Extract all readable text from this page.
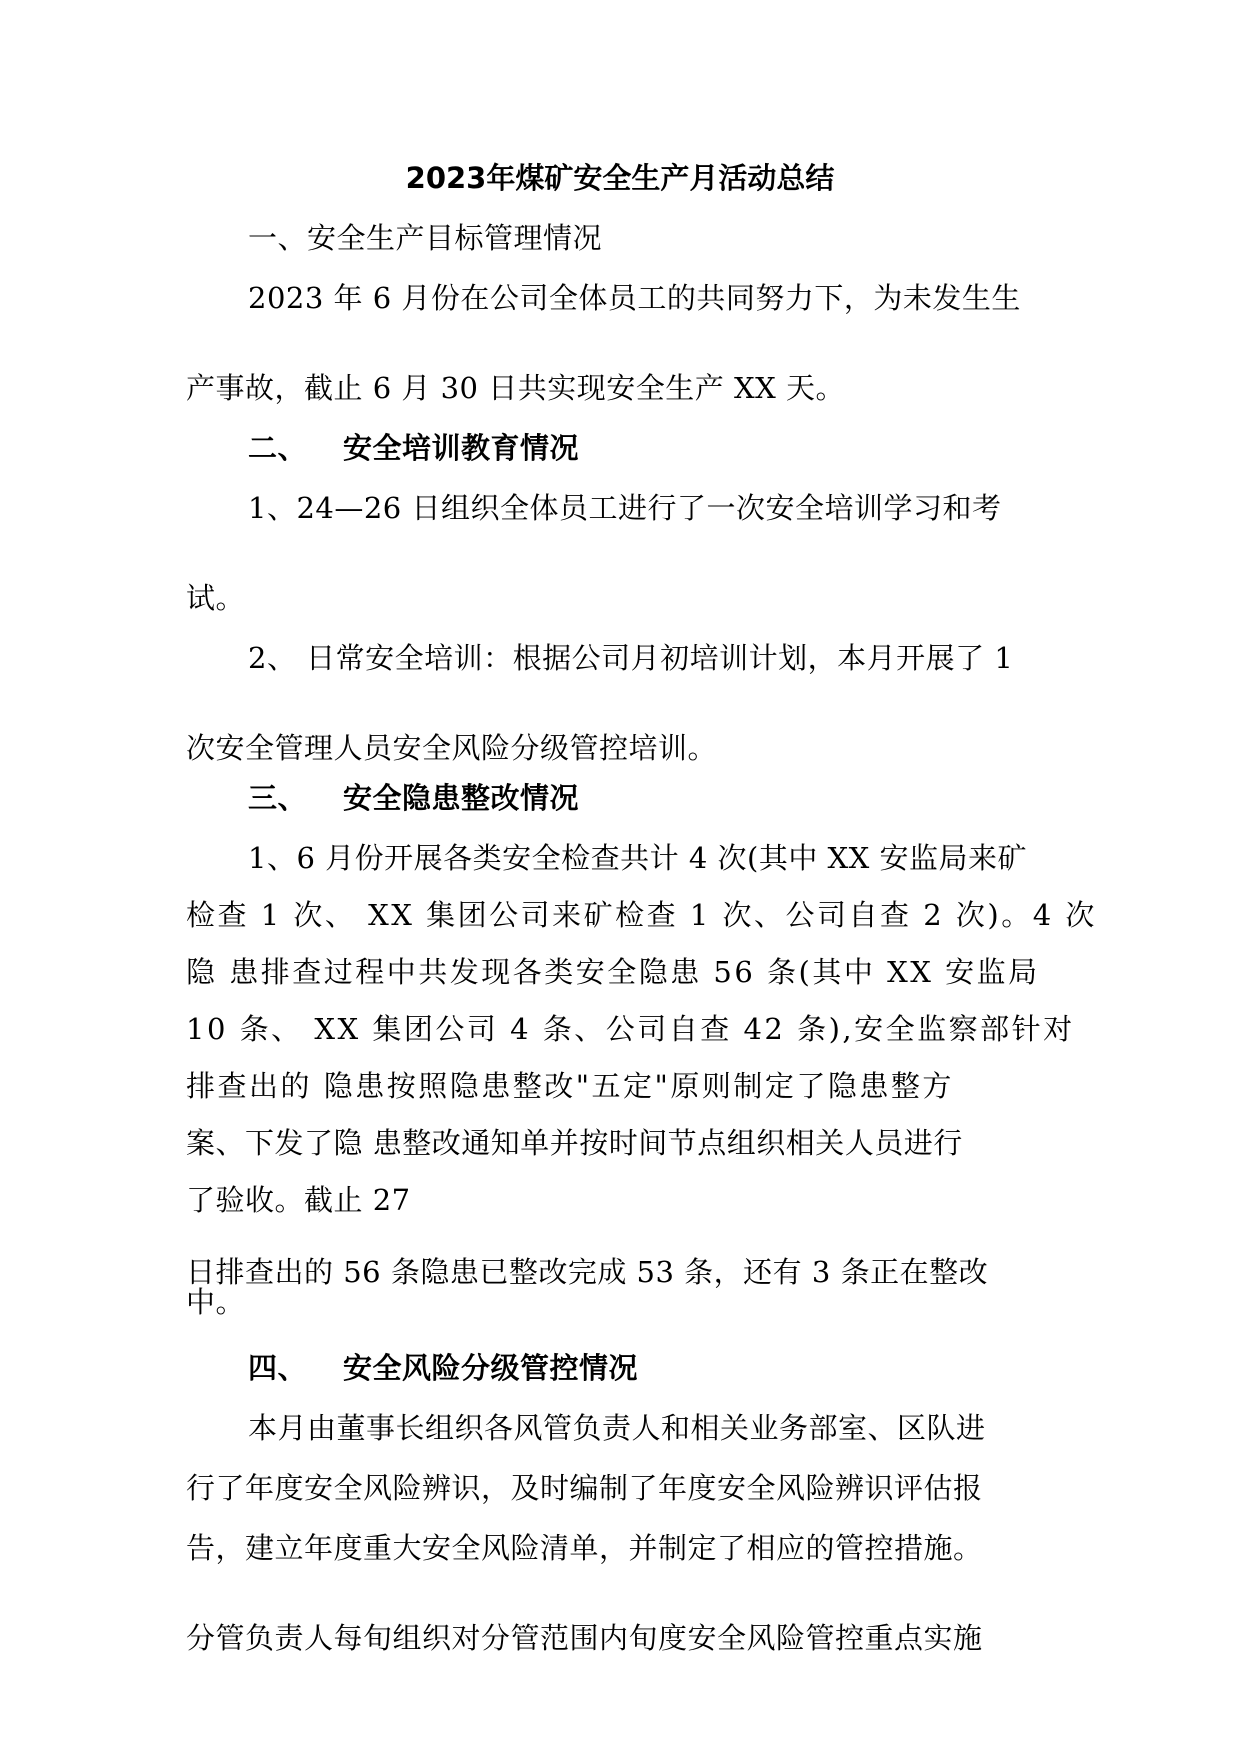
2023年煤矿安全生产月活动总结
一、安全生产目标管理情况
2023 年 6 月份在公司全体员工的共同努力下，为未发生生
产事故，截止 6 月 30 日共实现安全生产 XX 天。
二、 安全培训教育情况
1、24—26 日组织全体员工进行了一次安全培训学习和考
试。
2、 日常安全培训：根据公司月初培训计划，本月开展了 1
次安全管理人员安全风险分级管控培训。
三、 安全隐患整改情况
1、6 月份开展各类安全检查共计 4 次(其中 XX 安监局来矿
检查 1 次、 XX 集团公司来矿检查 1 次、公司自查 2 次)。4 次
隐 患排查过程中共发现各类安全隐患 56 条(其中 XX 安监局
10 条、 XX 集团公司 4 条、公司自查 42 条),安全监察部针对
排查出的 隐患按照隐患整改"五定"原则制定了隐患整方
案、下发了隐 患整改通知单并按时间节点组织相关人员进行
了验收。截止 27
日排查出的 56 条隐患已整改完成 53 条，还有 3 条正在整改
中。
四、 安全风险分级管控情况
本月由董事长组织各风管负责人和相关业务部室、区队进
行了年度安全风险辨识，及时编制了年度安全风险辨识评估报
告，建立年度重大安全风险清单，并制定了相应的管控措施。
分管负责人每旬组织对分管范围内旬度安全风险管控重点实施
